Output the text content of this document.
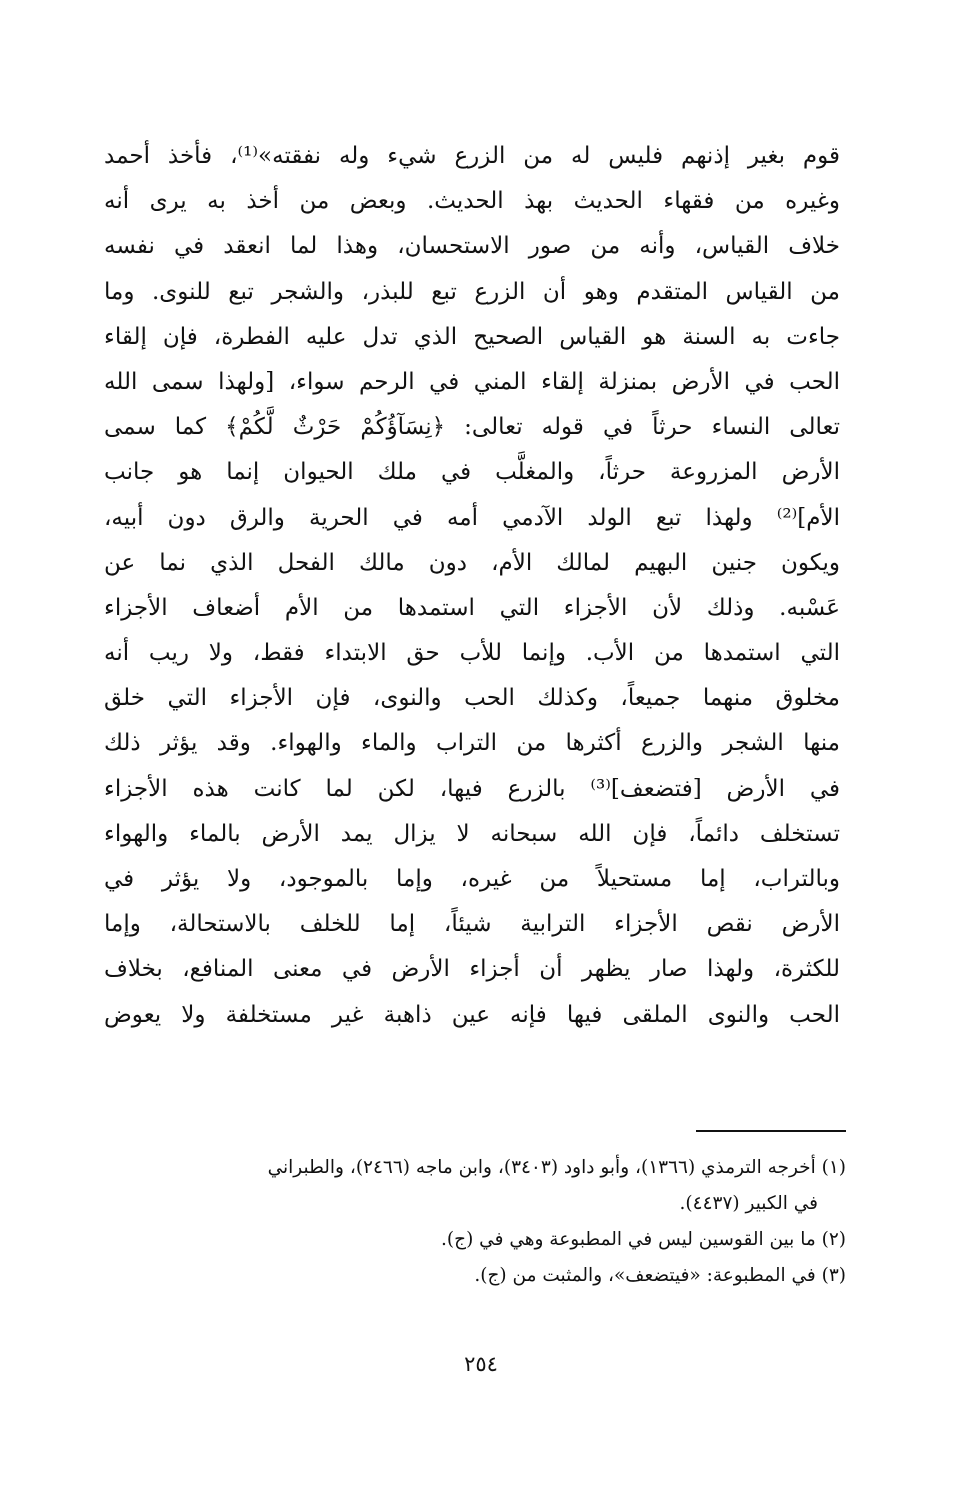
قوم بغير إذنهم فليس له من الزرع شيء وله نفقته»⁽¹⁾، فأخذ أحمد
وغيره من فقهاء الحديث بهذ الحديث. وبعض من أخذ به يرى أنه
خلاف القياس، وأنه من صور الاستحسان، وهذا لما انعقد في نفسه
من القياس المتقدم وهو أن الزرع تبع للبذر، والشجر تبع للنوى. وما
جاءت به السنة هو القياس الصحيح الذي تدل عليه الفطرة، فإن إلقاء
الحب في الأرض بمنزلة إلقاء المني في الرحم سواء، [ولهذا سمى الله
تعالى النساء حرثاً في قوله تعالى: ﴿نِسَآؤُكُمْ حَرْثٌ لَّكُمْ﴾ كما سمى
الأرض المزروعة حرثاً، والمغلَّب في ملك الحيوان إنما هو جانب
الأم]⁽²⁾ ولهذا تبع الولد الآدمي أمه في الحرية والرق دون أبيه،
ويكون جنين البهيم لمالك الأم، دون مالك الفحل الذي نما عن
عَسْبه. وذلك لأن الأجزاء التي استمدها من الأم أضعاف الأجزاء
التي استمدها من الأب. وإنما للأب حق الابتداء فقط، ولا ريب أنه
مخلوق منهما جميعاً، وكذلك الحب والنوى، فإن الأجزاء التي خلق
منها الشجر والزرع أكثرها من التراب والماء والهواء. وقد يؤثر ذلك
في الأرض [فتضعف]⁽³⁾ بالزرع فيها، لكن لما كانت هذه الأجزاء
تستخلف دائماً، فإن الله سبحانه لا يزال يمد الأرض بالماء والهواء
وبالتراب، إما مستحيلاً من غيره، وإما بالموجود، ولا يؤثر في
الأرض نقص الأجزاء الترابية شيئاً، إما للخلف بالاستحالة، وإما
للكثرة، ولهذا صار يظهر أن أجزاء الأرض في معنى المنافع، بخلاف
الحب والنوى الملقى فيها فإنه عين ذاهبة غير مستخلفة ولا يعوض
(١) أخرجه الترمذي (١٣٦٦)، وأبو داود (٣٤٠٣)، وابن ماجه (٢٤٦٦)، والطبراني
في الكبير (٤٤٣٧).
(٢) ما بين القوسين ليس في المطبوعة وهي في (ج).
(٣) في المطبوعة: «فيتضعف»، والمثبت من (ج).
٢٥٤
